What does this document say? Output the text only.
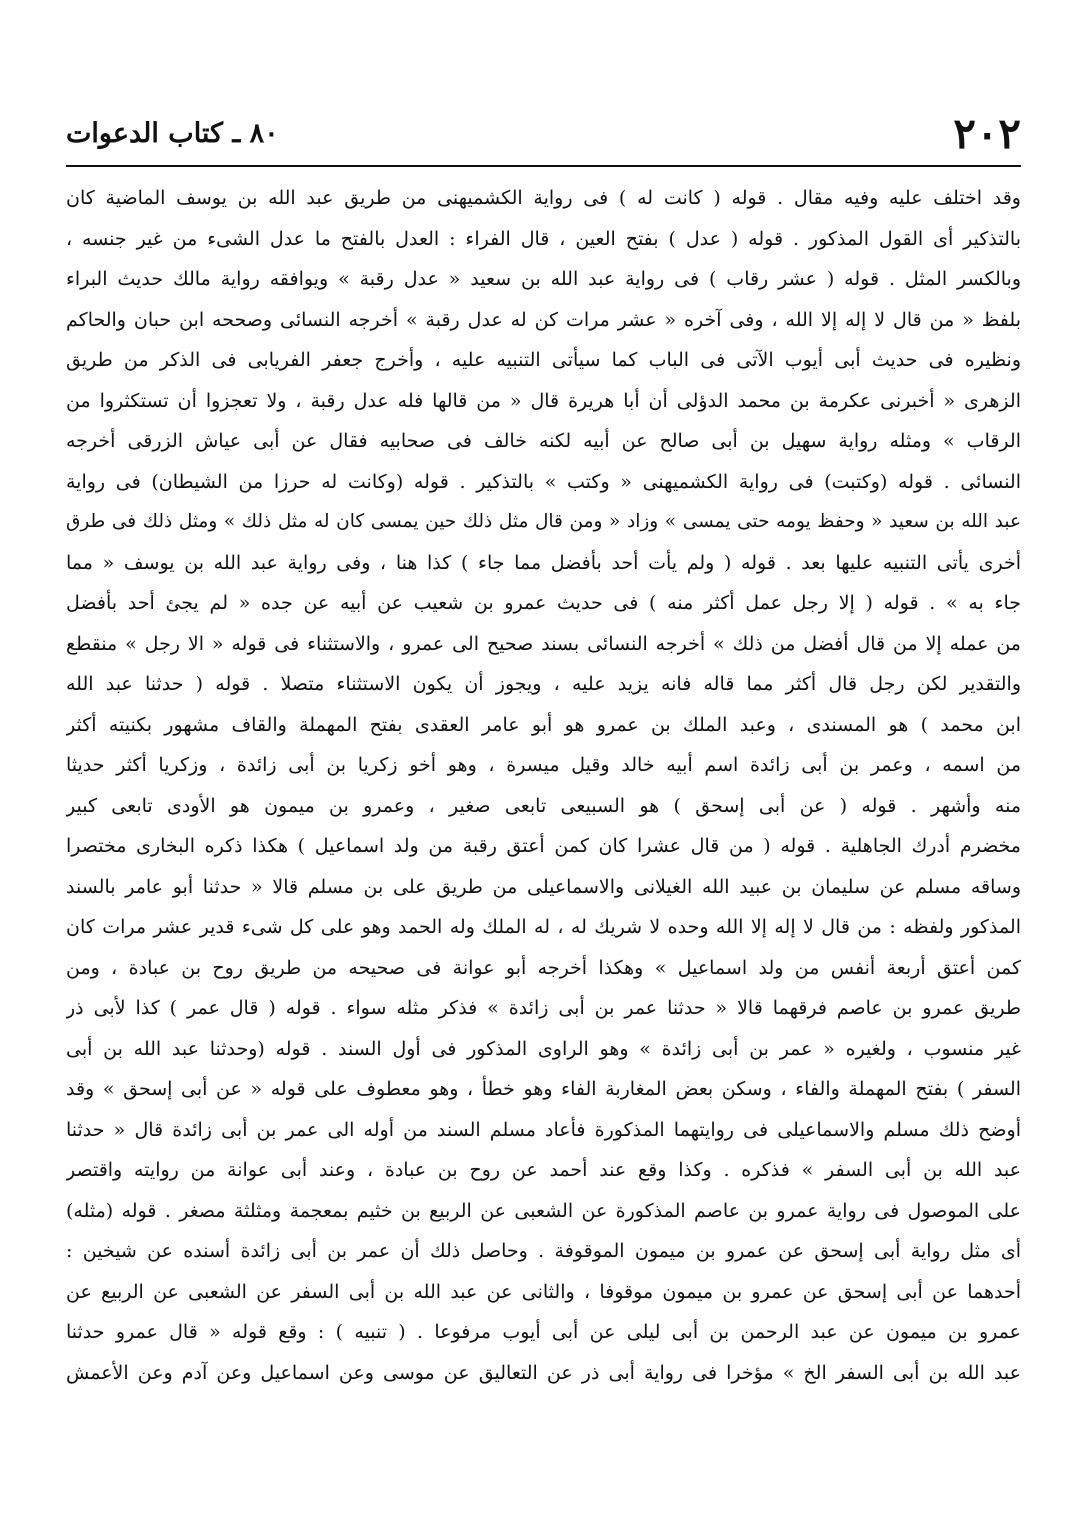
٢٠٢
٨٠ ـ كتاب الدعوات
وقد اختلف عليه وفيه مقال . قوله ( كانت له ) فى رواية الكشميهنى من طريق عبد الله بن يوسف الماضية كان
بالتذكير أى القول المذكور . قوله ( عدل ) بفتح العين ، قال الفراء : العدل بالفتح ما عدل الشىء من غير جنسه ،
وبالكسر المثل . قوله ( عشر رقاب ) فى رواية عبد الله بن سعيد « عدل رقبة » ويوافقه رواية مالك حديث البراء
بلفظ « من قال لا إله إلا الله ، وفى آخره « عشر مرات كن له عدل رقبة » أخرجه النسائى وصححه ابن حبان والحاكم
ونظيره فى حديث أبى أيوب الآتى فى الباب كما سيأتى التنبيه عليه ، وأخرج جعفر الفريابى فى الذكر من طريق
الزهرى « أخبرنى عكرمة بن محمد الدؤلى أن أبا هريرة قال « من قالها فله عدل رقبة ، ولا تعجزوا أن تستكثروا من
الرقاب » ومثله رواية سهيل بن أبى صالح عن أبيه لكنه خالف فى صحابيه فقال عن أبى عياش الزرقى أخرجه
النسائى . قوله (وكتبت) فى رواية الكشميهنى « وكتب » بالتذكير . قوله (وكانت له حرزا من الشيطان) فى رواية
عبد الله بن سعيد « وحفظ يومه حتى يمسى » وزاد « ومن قال مثل ذلك حين يمسى كان له مثل ذلك » ومثل ذلك فى طرق
أخرى يأتى التنبيه عليها بعد . قوله ( ولم يأت أحد بأفضل مما جاء ) كذا هنا ، وفى رواية عبد الله بن يوسف « مما
جاء به » . قوله ( إلا رجل عمل أكثر منه ) فى حديث عمرو بن شعيب عن أبيه عن جده « لم يجئ أحد بأفضل
من عمله إلا من قال أفضل من ذلك » أخرجه النسائى بسند صحيح الى عمرو ، والاستثناء فى قوله « الا رجل » منقطع
والتقدير لكن رجل قال أكثر مما قاله فانه يزيد عليه ، ويجوز أن يكون الاستثناء متصلا . قوله ( حدثنا عبد الله
ابن محمد ) هو المسندى ، وعبد الملك بن عمرو هو أبو عامر العقدى بفتح المهملة والقاف مشهور بكنيته أكثر
من اسمه ، وعمر بن أبى زائدة اسم أبيه خالد وقيل ميسرة ، وهو أخو زكريا بن أبى زائدة ، وزكريا أكثر حديثا
منه وأشهر . قوله ( عن أبى إسحق ) هو السبيعى تابعى صغير ، وعمرو بن ميمون هو الأودى تابعى كبير
مخضرم أدرك الجاهلية . قوله ( من قال عشرا كان كمن أعتق رقبة من ولد اسماعيل ) هكذا ذكره البخارى مختصرا
وساقه مسلم عن سليمان بن عبيد الله الغيلانى والاسماعيلى من طريق على بن مسلم قالا « حدثنا أبو عامر بالسند
المذكور ولفظه : من قال لا إله إلا الله وحده لا شريك له ، له الملك وله الحمد وهو على كل شىء قدير عشر مرات كان
كمن أعتق أربعة أنفس من ولد اسماعيل » وهكذا أخرجه أبو عوانة فى صحيحه من طريق روح بن عبادة ، ومن
طريق عمرو بن عاصم فرقهما قالا « حدثنا عمر بن أبى زائدة » فذكر مثله سواء . قوله ( قال عمر ) كذا لأبى ذر
غير منسوب ، ولغيره « عمر بن أبى زائدة » وهو الراوى المذكور فى أول السند . قوله (وحدثنا عبد الله بن أبى
السفر ) بفتح المهملة والفاء ، وسكن بعض المغاربة الفاء وهو خطأ ، وهو معطوف على قوله « عن أبى إسحق » وقد
أوضح ذلك مسلم والاسماعيلى فى روايتهما المذكورة فأعاد مسلم السند من أوله الى عمر بن أبى زائدة قال « حدثنا
عبد الله بن أبى السفر » فذكره . وكذا وقع عند أحمد عن روح بن عبادة ، وعند أبى عوانة من روايته واقتصر
على الموصول فى رواية عمرو بن عاصم المذكورة عن الشعبى عن الربيع بن خثيم بمعجمة ومثلثة مصغر . قوله (مثله)
أى مثل رواية أبى إسحق عن عمرو بن ميمون الموقوفة . وحاصل ذلك أن عمر بن أبى زائدة أسنده عن شيخين :
أحدهما عن أبى إسحق عن عمرو بن ميمون موقوفا ، والثانى عن عبد الله بن أبى السفر عن الشعبى عن الربيع عن
عمرو بن ميمون عن عبد الرحمن بن أبى ليلى عن أبى أيوب مرفوعا . ( تنبيه ) : وقع قوله « قال عمرو حدثنا
عبد الله بن أبى السفر الخ » مؤخرا فى رواية أبى ذر عن التعاليق عن موسى وعن اسماعيل وعن آدم وعن الأعمش
